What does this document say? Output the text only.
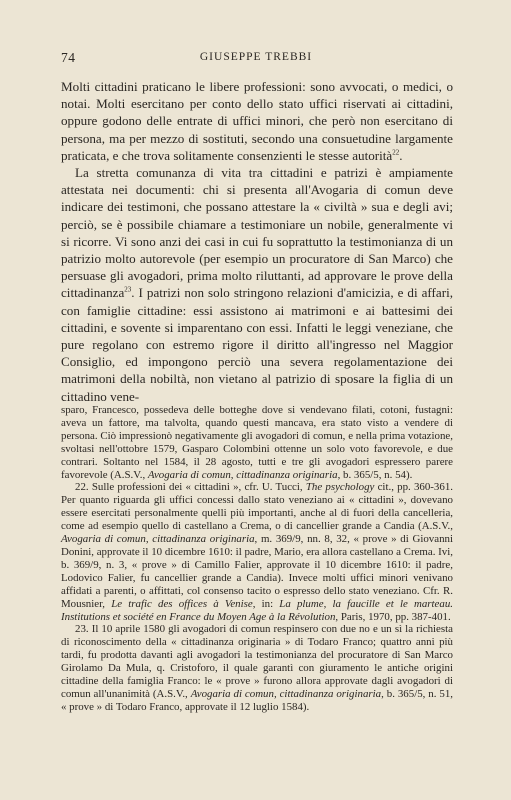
74	GIUSEPPE TREBBI

Molti cittadini praticano le libere professioni: sono avvocati, o medici, o notai. Molti esercitano per conto dello stato uffici riservati ai cittadini, oppure godono delle entrate di uffici minori, che però non esercitano di persona, ma per mezzo di sostituti, secondo una consuetudine largamente praticata, e che trova solitamente consenzienti le stesse autorità$^{22}$.

La stretta comunanza di vita tra cittadini e patrizi è ampiamente attestata nei documenti: chi si presenta all'Avogaria di comun deve indicare dei testimoni, che possano attestare la « civiltà » sua e degli avi; perciò, se è possibile chiamare a testimoniare un nobile, generalmente vi si ricorre. Vi sono anzi dei casi in cui fu soprattutto la testimonianza di un patrizio molto autorevole (per esempio un procuratore di San Marco) che persuase gli avogadori, prima molto riluttanti, ad approvare le prove della cittadinanza$^{23}$. I patrizi non solo stringono relazioni d'amicizia, e di affari, con famiglie cittadine: essi assistono ai matrimoni e ai battesimi dei cittadini, e sovente si imparentano con essi. Infatti le leggi veneziane, che pure regolano con estremo rigore il diritto all'ingresso nel Maggior Consiglio, ed impongono perciò una severa regolamentazione dei matrimoni della nobiltà, non vietano al patrizio di sposare la figlia di un cittadino vene-

sparo, Francesco, possedeva delle botteghe dove si vendevano filati, cotoni, fustagni: aveva un fattore, ma talvolta, quando questi mancava, era stato visto a vendere di persona. Ciò impressionò negativamente gli avogadori di comun, e nella prima votazione, svoltasi nell'ottobre 1579, Gasparo Colombini ottenne un solo voto favorevole, e due contrari. Soltanto nel 1584, il 28 agosto, tutti e tre gli avogadori espressero parere favorevole (A.S.V., Avogaria di comun, cittadinanza originaria, b. 365/5, n. 54).

22. Sulle professioni dei « cittadini », cfr. U. Tucci, The psychology cit., pp. 360-361. Per quanto riguarda gli uffici concessi dallo stato veneziano ai « cittadini », dovevano essere esercitati personalmente quelli più importanti, anche al di fuori della cancelleria, come ad esempio quello di castellano a Crema, o di cancellier grande a Candia (A.S.V., Avogaria di comun, cittadinanza originaria, m. 369/9, nn. 8, 32, « prove » di Giovanni Donini, approvate il 10 dicembre 1610: il padre, Mario, era allora castellano a Crema. Ivi, b. 369/9, n. 3, « prove » di Camillo Falier, approvate il 10 dicembre 1610: il padre, Lodovico Falier, fu cancellier grande a Candia). Invece molti uffici minori venivano affidati a parenti, o affittati, col consenso tacito o espresso dello stato veneziano. Cfr. R. Mousnier, Le trafic des offices à Venise, in: La plume, la faucille et le marteau. Institutions et société en France du Moyen Age à la Révolution, Paris, 1970, pp. 387-401.

23. Il 10 aprile 1580 gli avogadori di comun respinsero con due no e un sì la richiesta di riconoscimento della « cittadinanza originaria » di Todaro Franco; quattro anni più tardi, fu prodotta davanti agli avogadori la testimonianza del procuratore di San Marco Girolamo Da Mula, q. Cristoforo, il quale garantì con giuramento le antiche origini cittadine della famiglia Franco: le « prove » furono allora approvate dagli avogadori di comun all'unanimità (A.S.V., Avogaria di comun, cittadinanza originaria, b. 365/5, n. 51, « prove » di Todaro Franco, approvate il 12 luglio 1584).
